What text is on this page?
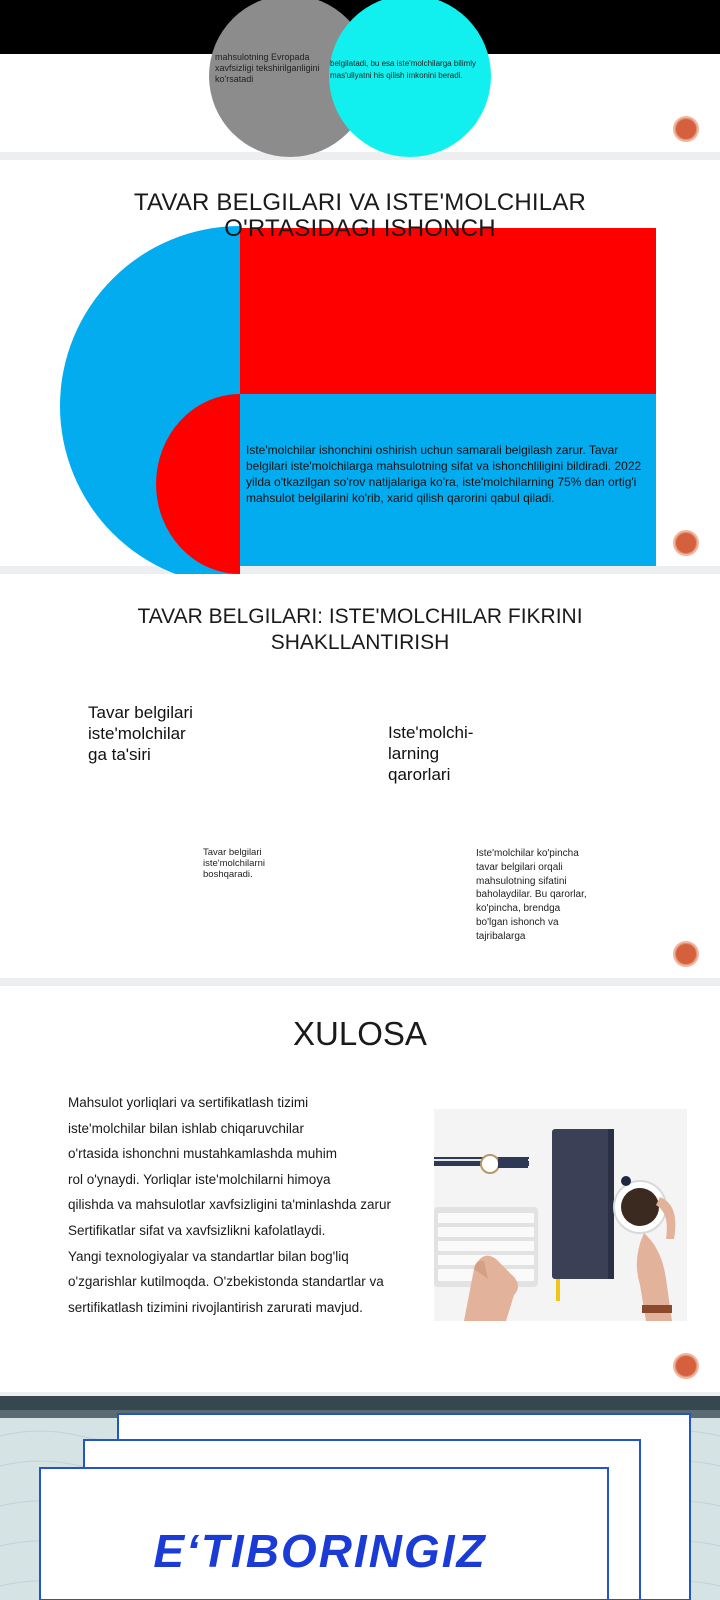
mahsulotning Evropada xavfsizligi tekshirilganligini ko'rsatadi
belgilatadi, bu esa iste'molchilarga bilimly mas'uliyatni his qilish imkonini beradi.
TAVAR BELGILARI VA ISTE'MOLCHILAR
O'RTASIDAGI ISHONCH
Iste'molchilar ishonchini oshirish uchun samarali belgilash zarur. Tavar belgilari iste'molchilarga mahsulotning sifat va ishonchliligini bildiradi. 2022 yilda o'tkazilgan so'rov natijalariga ko'ra, iste'molchilarning 75% dan ortig'i mahsulot belgilarini ko'rib, xarid qilish qarorini qabul qiladi.
TAVAR BELGILARI: ISTE'MOLCHILAR FIKRINI SHAKLLANTIRISH
Tavar belgilari iste'molchilar ga ta'siri
Iste'molchi-larning qarorlari
Tavar belgilari iste'molchilarni boshqaradi.
Iste'molchilar ko'pincha tavar belgilari orqali mahsulotning sifatini baholaydilar. Bu qarorlar, ko'pincha, brendga bo'lgan ishonch va tajribalarga
XULOSA
Mahsulot yorliqlari va sertifikatlash tizimi
iste'molchilar bilan ishlab chiqaruvchilar
o'rtasida ishonchni mustahkamlashda muhim
rol o'ynaydi. Yorliqlar iste'molchilarni himoya
qilishda va mahsulotlar xavfsizligini ta'minlashda zarur
Sertifikatlar sifat va xavfsizlikni kafolatlaydi.
Yangi texnologiyalar va standartlar bilan bog'liq
o'zgarishlar kutilmoqda. O'zbekistonda standartlar va
sertifikatlash tizimini rivojlantirish zarurati mavjud.
E‘TIBORINGIZ
